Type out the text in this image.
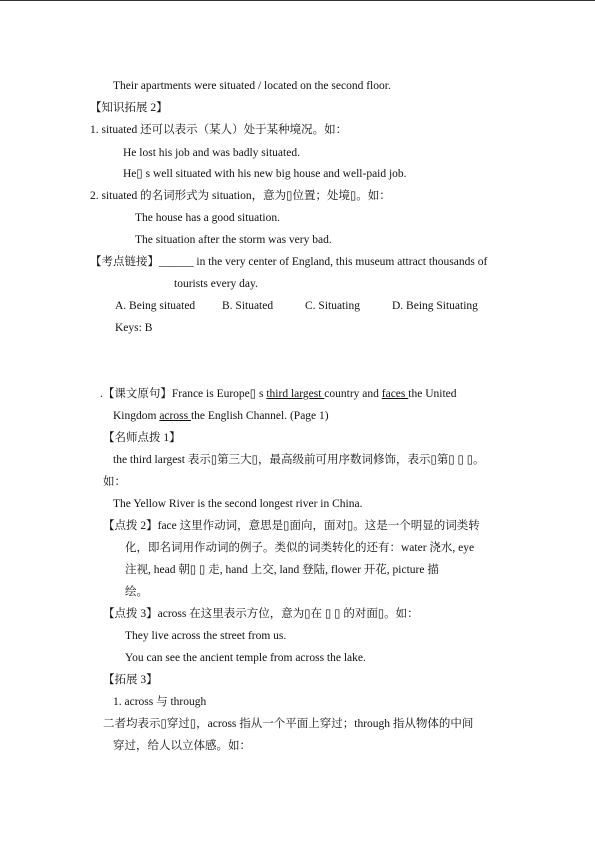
Their apartments were situated / located on the second floor.
【知识拓展 2】
1. situated 还可以表示（某人）处于某种境况。如：
He lost his job and was badly situated.
He▯ s well situated with his new big house and well-paid job.
2. situated 的名词形式为 situation，意为▯位置；处境▯。如：
The house has a good situation.
The situation after the storm was very bad.
【考点链接】______ in the very center of England, this museum attract thousands of
tourists every day.
A. Being situated B. Situated	C. Situating	D. Being Situating
Keys: B
.【课文原句】France is Europe▯ s third largest country and faces the United
Kingdom across the English Channel. (Page 1)
【名师点拨 1】
the third largest 表示▯第三大▯，最高级前可用序数词修饰，表示▯第▯ ▯ ▯。
如：
The Yellow River is the second longest river in China.
【点拨 2】face 这里作动词，意思是▯面向，面对▯。这是一个明显的词类转
化，即名词用作动词的例子。类似的词类转化的还有：water 浇水, eye
注视, head 朝▯ ▯ 走, hand 上交, land 登陆, flower 开花, picture 描
绘。
【点拨 3】across 在这里表示方位，意为▯在 ▯ ▯ 的对面▯。如：
They live across the street from us.
You can see the ancient temple from across the lake.
【拓展 3】
1. across 与 through
二者均表示▯穿过▯，across 指从一个平面上穿过；through 指从物体的中间
穿过，给人以立体感。如：
